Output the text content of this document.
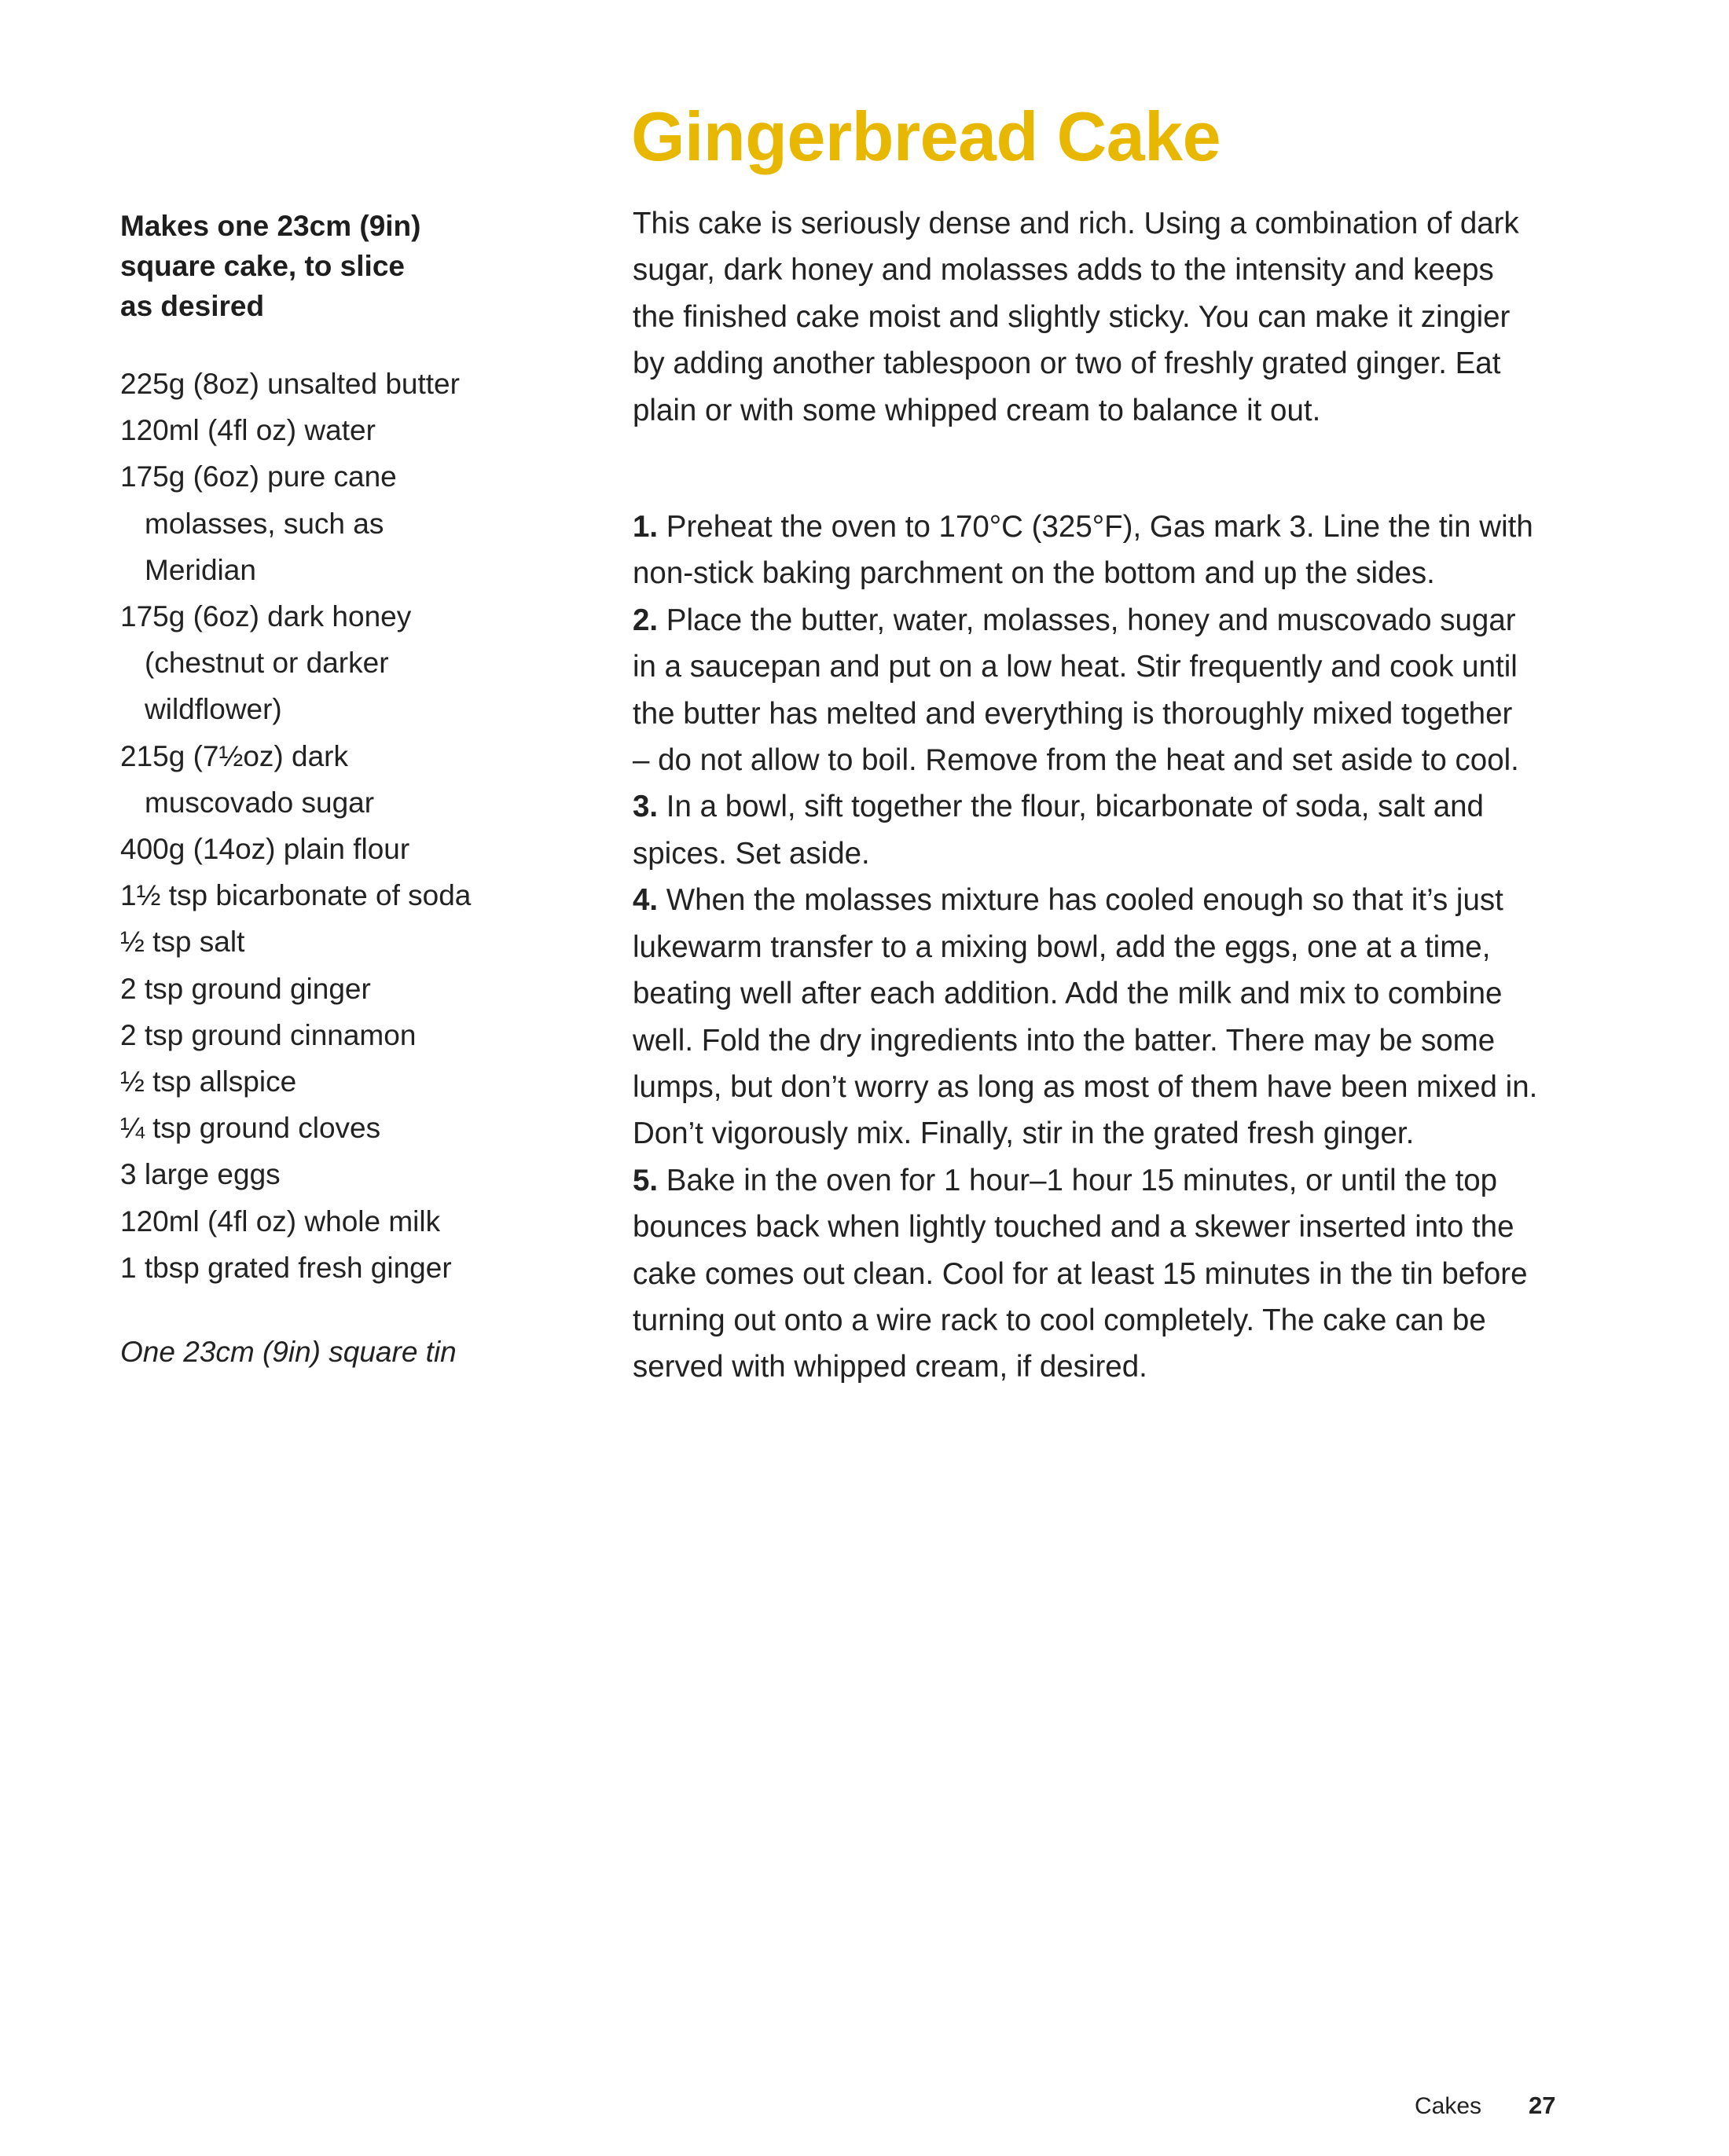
Gingerbread Cake
Makes one 23cm (9in)
square cake, to slice
as desired
225g (8oz) unsalted butter
120ml (4fl oz) water
175g (6oz) pure cane
molasses, such as
Meridian
175g (6oz) dark honey
(chestnut or darker
wildflower)
215g (7½oz) dark
muscovado sugar
400g (14oz) plain flour
1½ tsp bicarbonate of soda
½ tsp salt
2 tsp ground ginger
2 tsp ground cinnamon
½ tsp allspice
¼ tsp ground cloves
3 large eggs
120ml (4fl oz) whole milk
1 tbsp grated fresh ginger
One 23cm (9in) square tin
This cake is seriously dense and rich. Using a combination of dark
sugar, dark honey and molasses adds to the intensity and keeps
the finished cake moist and slightly sticky. You can make it zingier
by adding another tablespoon or two of freshly grated ginger. Eat
plain or with some whipped cream to balance it out.
1. Preheat the oven to 170°C (325°F), Gas mark 3. Line the tin with
non-stick baking parchment on the bottom and up the sides.
2. Place the butter, water, molasses, honey and muscovado sugar
in a saucepan and put on a low heat. Stir frequently and cook until
the butter has melted and everything is thoroughly mixed together
– do not allow to boil. Remove from the heat and set aside to cool.
3. In a bowl, sift together the flour, bicarbonate of soda, salt and
spices. Set aside.
4. When the molasses mixture has cooled enough so that it’s just
lukewarm transfer to a mixing bowl, add the eggs, one at a time,
beating well after each addition. Add the milk and mix to combine
well. Fold the dry ingredients into the batter. There may be some
lumps, but don’t worry as long as most of them have been mixed in.
Don’t vigorously mix. Finally, stir in the grated fresh ginger.
5. Bake in the oven for 1 hour–1 hour 15 minutes, or until the top
bounces back when lightly touched and a skewer inserted into the
cake comes out clean. Cool for at least 15 minutes in the tin before
turning out onto a wire rack to cool completely. The cake can be
served with whipped cream, if desired.
Cakes 27
